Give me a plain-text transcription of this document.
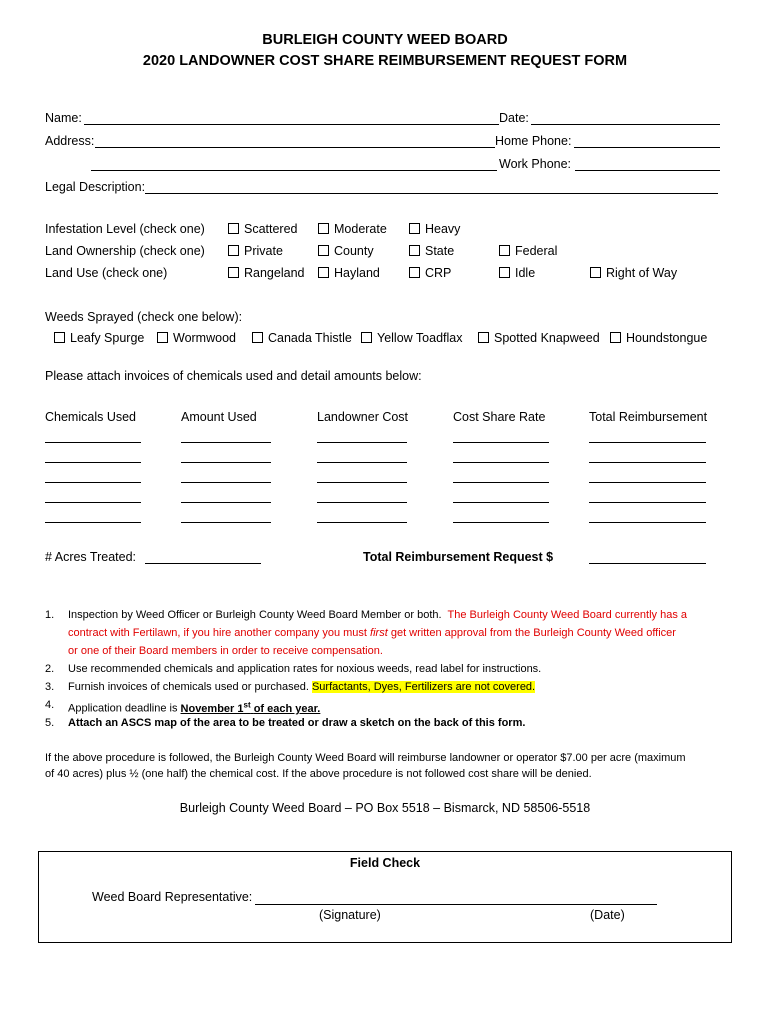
BURLEIGH COUNTY WEED BOARD
2020 LANDOWNER COST SHARE REIMBURSEMENT REQUEST FORM
Name:	Date:
Address:	Home Phone:
Work Phone:
Legal Description:
Infestation Level (check one)	Scattered	Moderate	Heavy
Land Ownership (check one)	Private	County	State	Federal
Land Use (check one)	Rangeland	Hayland	CRP	Idle	Right of Way
Weeds Sprayed (check one below):
Leafy Spurge	Wormwood	Canada Thistle	Yellow Toadflax	Spotted Knapweed	Houndstongue
Please attach invoices of chemicals used and detail amounts below:
Chemicals Used	Amount Used	Landowner Cost	Cost Share Rate	Total Reimbursement
# Acres Treated:	Total Reimbursement Request $
1. Inspection by Weed Officer or Burleigh County Weed Board Member or both. The Burleigh County Weed Board currently has a
contract with Fertilawn, if you hire another company you must first get written approval from the Burleigh County Weed officer
or one of their Board members in order to receive compensation.
2. Use recommended chemicals and application rates for noxious weeds, read label for instructions.
3. Furnish invoices of chemicals used or purchased. Surfactants, Dyes, Fertilizers are not covered.
4. Application deadline is November 1st of each year.
5. Attach an ASCS map of the area to be treated or draw a sketch on the back of this form.
If the above procedure is followed, the Burleigh County Weed Board will reimburse landowner or operator $7.00 per acre (maximum
of 40 acres) plus ½ (one half) the chemical cost. If the above procedure is not followed cost share will be denied.
Burleigh County Weed Board – PO Box 5518 – Bismarck, ND 58506-5518
Field Check
Weed Board Representative:
(Signature)	(Date)
